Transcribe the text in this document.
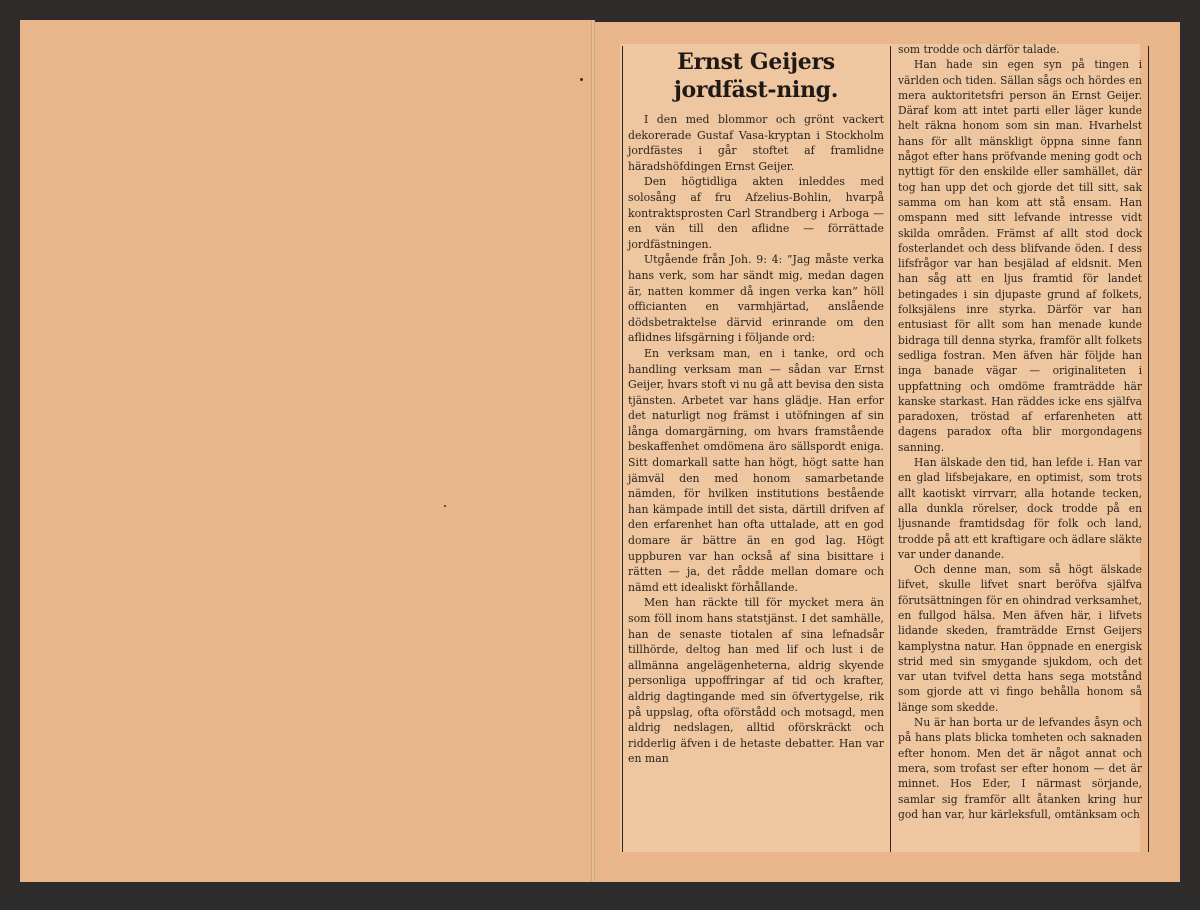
Ernst Geijers jordfäst-ning.

I den med blommor och grönt vackert dekorerade Gustaf Vasa-kryptan i Stockholm jordfästes i går stoftet af framlidne häradshöfdingen Ernst Geijer.

Den högtidliga akten inleddes med solosång af fru Afzelius-Bohlin, hvarpå kontraktsprosten Carl Strandberg i Arboga — en vän till den aflidne — förrättade jordfästningen.

Utgående från Joh. 9: 4: ”Jag måste verka hans verk, som har sändt mig, medan dagen är, natten kommer då ingen verka kan” höll officianten en varmhjärtad, anslående dödsbetraktelse därvid erinrande om den aflidnes lifsgärning i följande ord:

En verksam man, en i tanke, ord och handling verksam man — sådan var Ernst Geijer, hvars stoft vi nu gå att bevisa den sista tjänsten. Arbetet var hans glädje. Han erfor det naturligt nog främst i utöfningen af sin långa domargärning, om hvars framstående beskaffenhet omdömena äro sällspordt eniga. Sitt domarkall satte han högt, högt satte han jämväl den med honom samarbetande nämden, för hvilken institutions bestående han kämpade intill det sista, därtill drifven af den erfarenhet han ofta uttalade, att en god domare är bättre än en god lag. Högt uppburen var han också af sina bisittare i rätten — ja, det rådde mellan domare och nämd ett idealiskt förhållande.

Men han räckte till för mycket mera än som föll inom hans statstjänst. I det samhälle, han de senaste tiotalen af sina lefnadsår tillhörde, deltog han med lif och lust i de allmänna angelägenheterna, aldrig skyende personliga uppoffringar af tid och krafter, aldrig dagtingande med sin öfvertygelse, rik på uppslag, ofta oförstådd och motsagd, men aldrig nedslagen, alltid oförskräckt och ridderlig äfven i de hetaste debatter. Han var en man

som trodde och därför talade.

Han hade sin egen syn på tingen i världen och tiden. Sällan sågs och hördes en mera auktoritetsfri person än Ernst Geijer. Däraf kom att intet parti eller läger kunde helt räkna honom som sin man. Hvarhelst hans för allt mänskligt öppna sinne fann något efter hans pröfvande mening godt och nyttigt för den enskilde eller samhället, där tog han upp det och gjorde det till sitt, sak samma om han kom att stå ensam. Han omspann med sitt lefvande intresse vidt skilda områden. Främst af allt stod dock fosterlandet och dess blifvande öden. I dess lifsfrågor var han besjälad af eldsnit. Men han såg att en ljus framtid för landet betingades i sin djupaste grund af folkets, folksjälens inre styrka. Därför var han entusiast för allt som han menade kunde bidraga till denna styrka, framför allt folkets sedliga fostran. Men äfven här följde han inga banade vägar — originaliteten i uppfattning och omdöme framträdde här kanske starkast. Han räddes icke ens själfva paradoxen, tröstad af erfarenheten att dagens paradox ofta blir morgondagens sanning.

Han älskade den tid, han lefde i. Han var en glad lifsbejakare, en optimist, som trots allt kaotiskt virrvarr, alla hotande tecken, alla dunkla rörelser, dock trodde på en ljusnande framtidsdag för folk och land, trodde på att ett kraftigare och ädlare släkte var under danande.

Och denne man, som så högt älskade lifvet, skulle lifvet snart beröfva själfva förutsättningen för en ohindrad verksamhet, en fullgod hälsa. Men äfven här, i lifvets lidande skeden, framträdde Ernst Geijers kamplystna natur. Han öppnade en energisk strid med sin smygande sjukdom, och det var utan tvifvel detta hans sega motstånd som gjorde att vi fingo behålla honom så länge som skedde.

Nu är han borta ur de lefvandes åsyn och på hans plats blicka tomheten och saknaden efter honom. Men det är något annat och mera, som trofast ser efter honom — det är minnet. Hos Eder, I närmast sörjande, samlar sig framför allt åtanken kring hur god han var, hur kärleksfull, omtänksam och
